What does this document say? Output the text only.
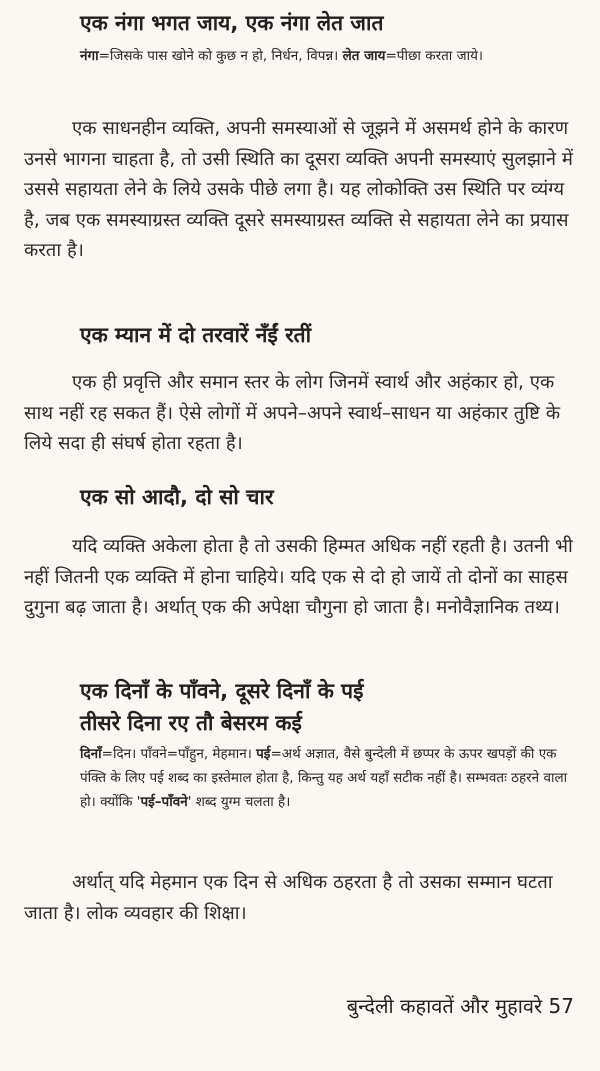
एक नंगा भगत जाय, एक नंगा लेत जात

नंगा=जिसके पास खोने को कुछ न हो, निर्धन, विपन्न। लेत जाय=पीछा करता जाये।

एक साधनहीन व्यक्ति, अपनी समस्याओं से जूझने में असमर्थ होने के कारण उनसे भागना चाहता है, तो उसी स्थिति का दूसरा व्यक्ति अपनी समस्याएं सुलझाने में उससे सहायता लेने के लिये उसके पीछे लगा है। यह लोकोक्ति उस स्थिति पर व्यंग्य है, जब एक समस्याग्रस्त व्यक्ति दूसरे समस्याग्रस्त व्यक्ति से सहायता लेने का प्रयास करता है।

एक म्यान में दो तरवारें नँईं रतीं

एक ही प्रवृत्ति और समान स्तर के लोग जिनमें स्वार्थ और अहंकार हो, एक साथ नहीं रह सकत हैं। ऐसे लोगों में अपने–अपने स्वार्थ–साधन या अहंकार तुष्टि के लिये सदा ही संघर्ष होता रहता है।

एक सो आदौ, दो सो चार

यदि व्यक्ति अकेला होता है तो उसकी हिम्मत अधिक नहीं रहती है। उतनी भी नहीं जितनी एक व्यक्ति में होना चाहिये। यदि एक से दो हो जायें तो दोनों का साहस दुगुना बढ़ जाता है। अर्थात् एक की अपेक्षा चौगुना हो जाता है। मनोवैज्ञानिक तथ्य।

एक दिनाँ के पाँवने, दूसरे दिनाँ के पई
तीसरे दिना रए तौ बेसरम कई

दिनाँ=दिन। पाँवने=पाँहुन, मेहमान। पई=अर्थ अज्ञात, वैसे बुन्देली में छप्पर के ऊपर खपड़ों की एक पंक्ति के लिए पई शब्द का इस्तेमाल होता है, किन्तु यह अर्थ यहाँ सटीक नहीं है। सम्भवतः ठहरने वाला हो। क्योंकि 'पई–पाँवने' शब्द युग्म चलता है।

अर्थात् यदि मेहमान एक दिन से अधिक ठहरता है तो उसका सम्मान घटता जाता है। लोक व्यवहार की शिक्षा।

बुन्देली कहावतें और मुहावरे 57
